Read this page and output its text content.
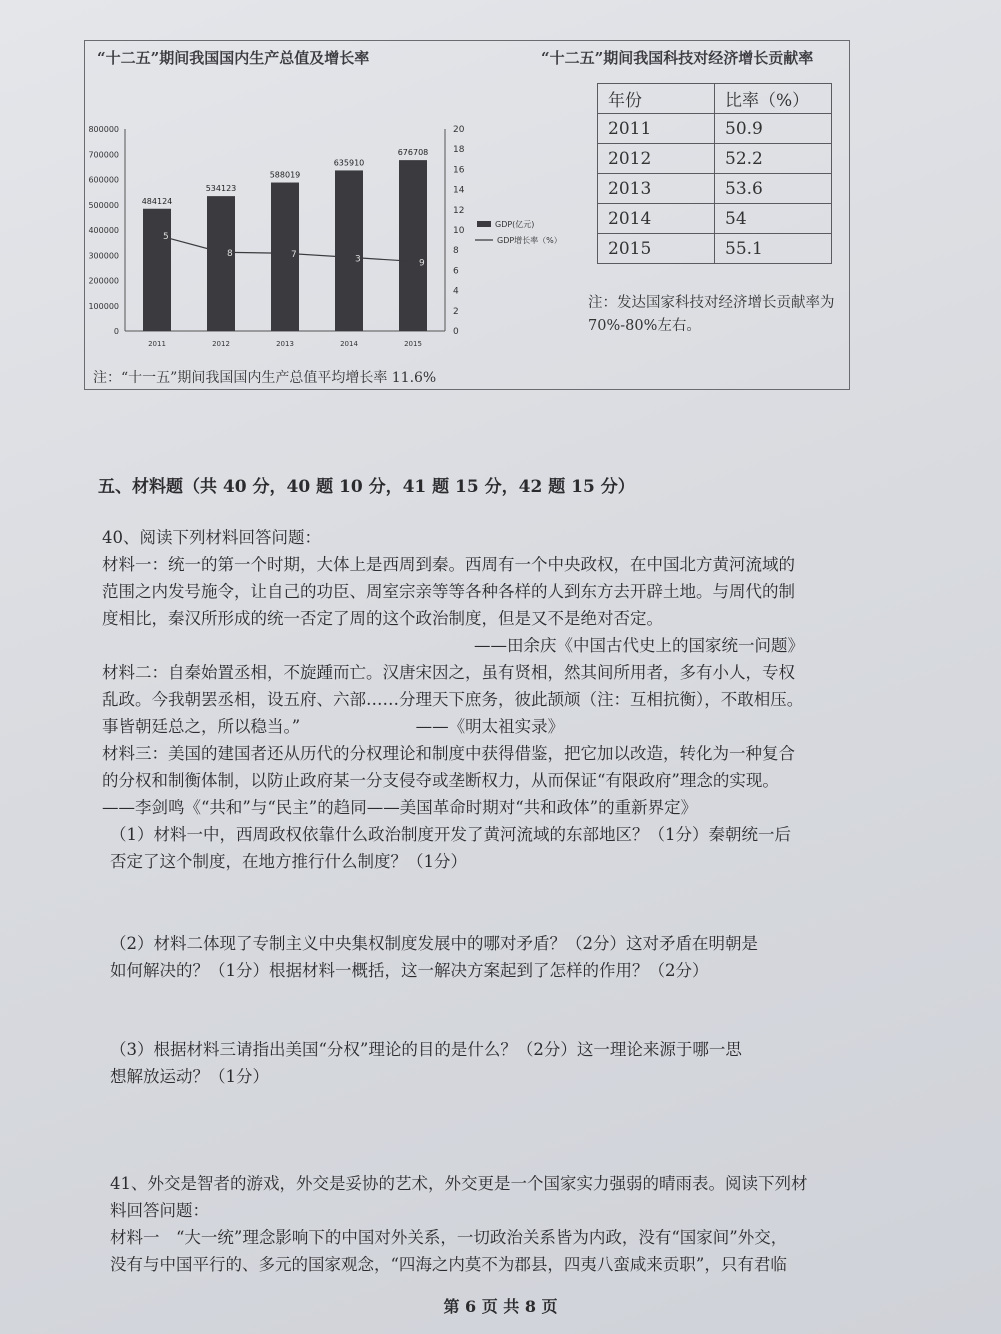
“十二五”期间我国国内生产总值及增长率	“十二五”期间我国科技对经济增长贡献率
0
100000
200000
300000
400000
500000
600000
700000
800000
0
2
4
6
8
10
12
14
16
18
20
484124
2011
534123
2012
588019
2013
635910
2014
676708
2015
5
8	7	3	9
GDP(亿元)
GDP增长率（%）
注：“十一五”期间我国国内生产总值平均增长率 11.6%
年份	比率（%）
2011	50.9
2012	52.2
2013	53.6
2014	54
2015	55.1
注：发达国家科技对经济增长贡献率为 70%-80%左右。
五、材料题（共 40 分，40 题 10 分，41 题 15 分，42 题 15 分）

40、阅读下列材料回答问题：

材料一：统一的第一个时期，大体上是西周到秦。西周有一个中央政权，在中国北方黄河流域的

范围之内发号施令，让自己的功臣、周室宗亲等等各种各样的人到东方去开辟土地。与周代的制

度相比，秦汉所形成的统一否定了周的这个政治制度，但是又不是绝对否定。

——田余庆《中国古代史上的国家统一问题》

材料二：自秦始置丞相，不旋踵而亡。汉唐宋因之，虽有贤相，然其间所用者，多有小人，专权

乱政。今我朝罢丞相，设五府、六部……分理天下庶务，彼此颉颃（注：互相抗衡），不敢相压。

事皆朝廷总之，所以稳当。”　　　　　　　——《明太祖实录》

材料三：美国的建国者还从历代的分权理论和制度中获得借鉴，把它加以改造，转化为一种复合

的分权和制衡体制，以防止政府某一分支侵夺或垄断权力，从而保证“有限政府”理念的实现。

——李剑鸣《“共和”与“民主”的趋同——美国革命时期对“共和政体”的重新界定》

（1）材料一中，西周政权依靠什么政治制度开发了黄河流域的东部地区？（1分）秦朝统一后

否定了这个制度，在地方推行什么制度？（1分）

（2）材料二体现了专制主义中央集权制度发展中的哪对矛盾？（2分）这对矛盾在明朝是

如何解决的？（1分）根据材料一概括，这一解决方案起到了怎样的作用？（2分）

（3）根据材料三请指出美国“分权”理论的目的是什么？（2分）这一理论来源于哪一思

想解放运动？（1分）

41、外交是智者的游戏，外交是妥协的艺术，外交更是一个国家实力强弱的晴雨表。阅读下列材

料回答问题：

材料一　“大一统”理念影响下的中国对外关系，一切政治关系皆为内政，没有“国家间”外交，

没有与中国平行的、多元的国家观念，“四海之内莫不为郡县，四夷八蛮咸来贡职”，只有君临

第 6 页 共 8 页
